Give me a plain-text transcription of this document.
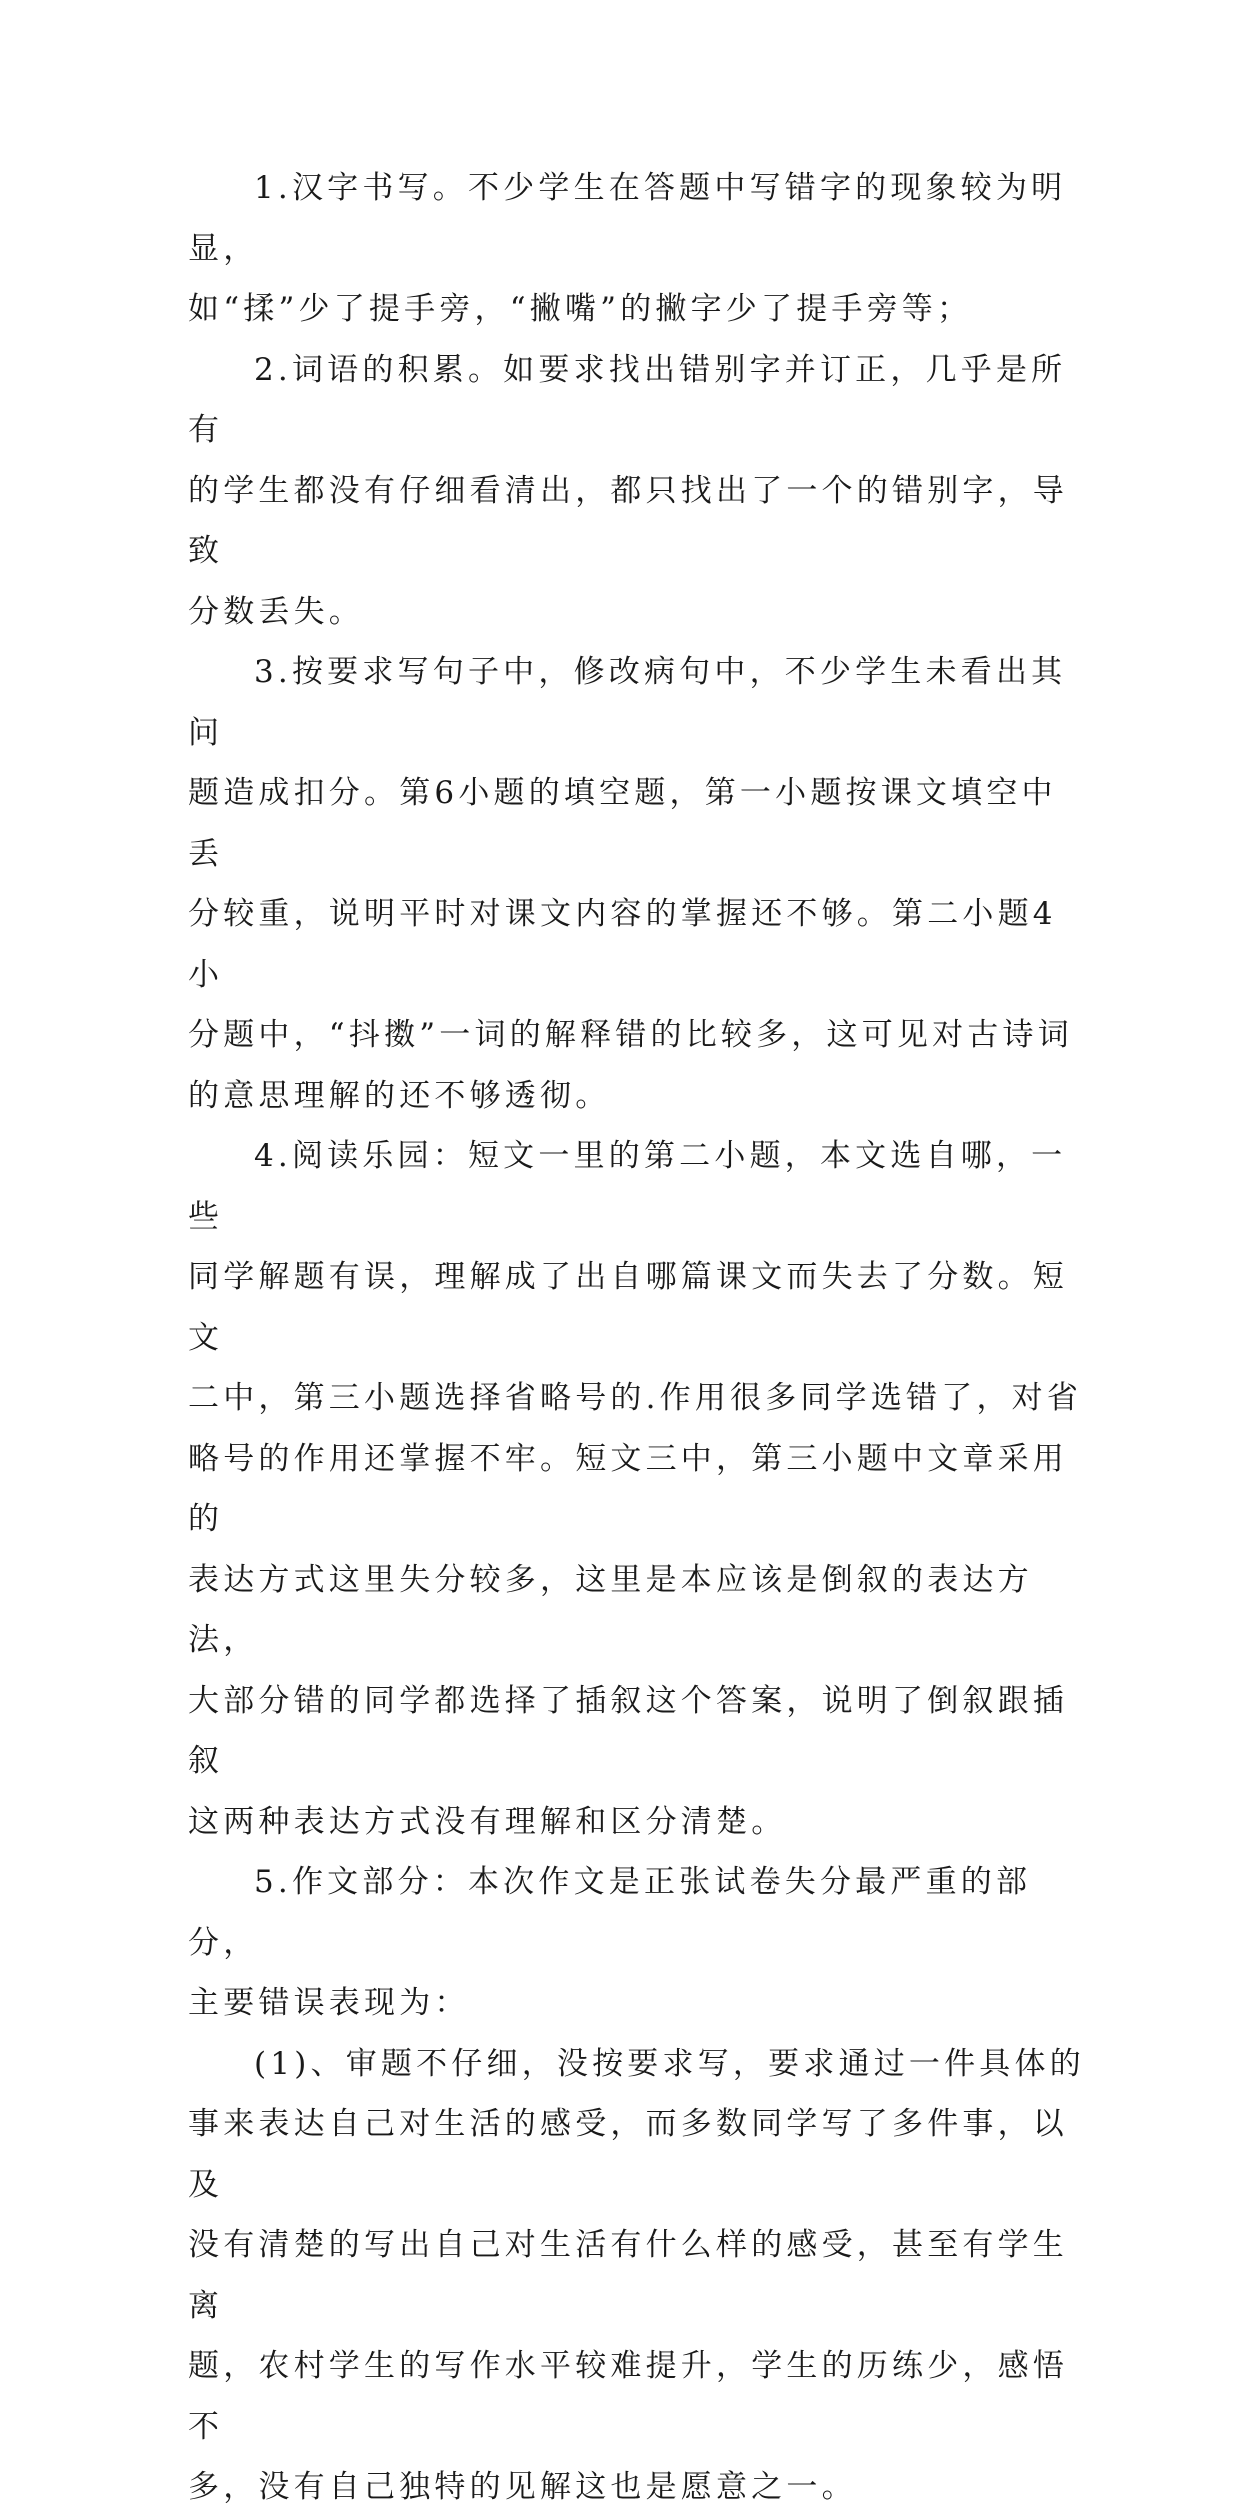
1.汉字书写。不少学生在答题中写错字的现象较为明显，
如“揉”少了提手旁，“撇嘴”的撇字少了提手旁等；

2.词语的积累。如要求找出错别字并订正，几乎是所有
的学生都没有仔细看清出，都只找出了一个的错别字，导致
分数丢失。

3.按要求写句子中，修改病句中，不少学生未看出其问
题造成扣分。第6小题的填空题，第一小题按课文填空中丢
分较重，说明平时对课文内容的掌握还不够。第二小题4小
分题中，“抖擞”一词的解释错的比较多，这可见对古诗词
的意思理解的还不够透彻。

4.阅读乐园：短文一里的第二小题，本文选自哪，一些
同学解题有误，理解成了出自哪篇课文而失去了分数。短文
二中，第三小题选择省略号的.作用很多同学选错了，对省
略号的作用还掌握不牢。短文三中，第三小题中文章采用的
表达方式这里失分较多，这里是本应该是倒叙的表达方法，
大部分错的同学都选择了插叙这个答案，说明了倒叙跟插叙
这两种表达方式没有理解和区分清楚。

5.作文部分：本次作文是正张试卷失分最严重的部分，
主要错误表现为：

(1)、审题不仔细，没按要求写，要求通过一件具体的
事来表达自己对生活的感受，而多数同学写了多件事，以及
没有清楚的写出自己对生活有什么样的感受，甚至有学生离
题，农村学生的写作水平较难提升，学生的历练少，感悟不
多，没有自己独特的见解这也是愿意之一。
